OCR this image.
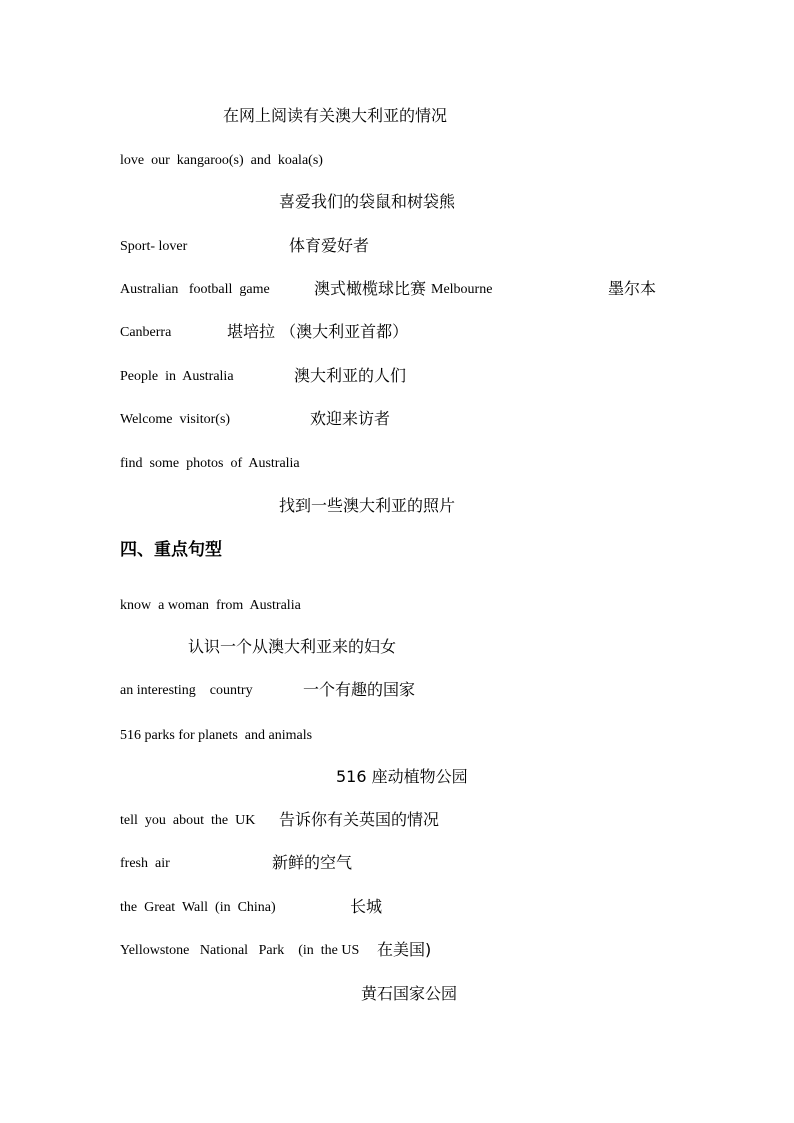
在网上阅读有关澳大利亚的情况
love  our  kangaroo(s)  and  koala(s)
喜爱我们的袋鼠和树袋熊
Sport- lover	体育爱好者
Australian   football  game	澳式橄榄球比赛 Melbourne	墨尔本
Canberra	堪培拉 （澳大利亚首都）
People  in  Australia	澳大利亚的人们
Welcome  visitor(s)	欢迎来访者
find  some  photos  of  Australia
找到一些澳大利亚的照片
四、重点句型
know  a woman  from  Australia
认识一个从澳大利亚来的妇女
an interesting    country	一个有趣的国家
516 parks for planets  and animals
516 座动植物公园
tell  you  about  the  UK 告诉你有关英国的情况
fresh  air	新鲜的空气
the  Great  Wall  (in  China)	长城
Yellowstone   National   Park    (in  the US 在美国)
黄石国家公园
